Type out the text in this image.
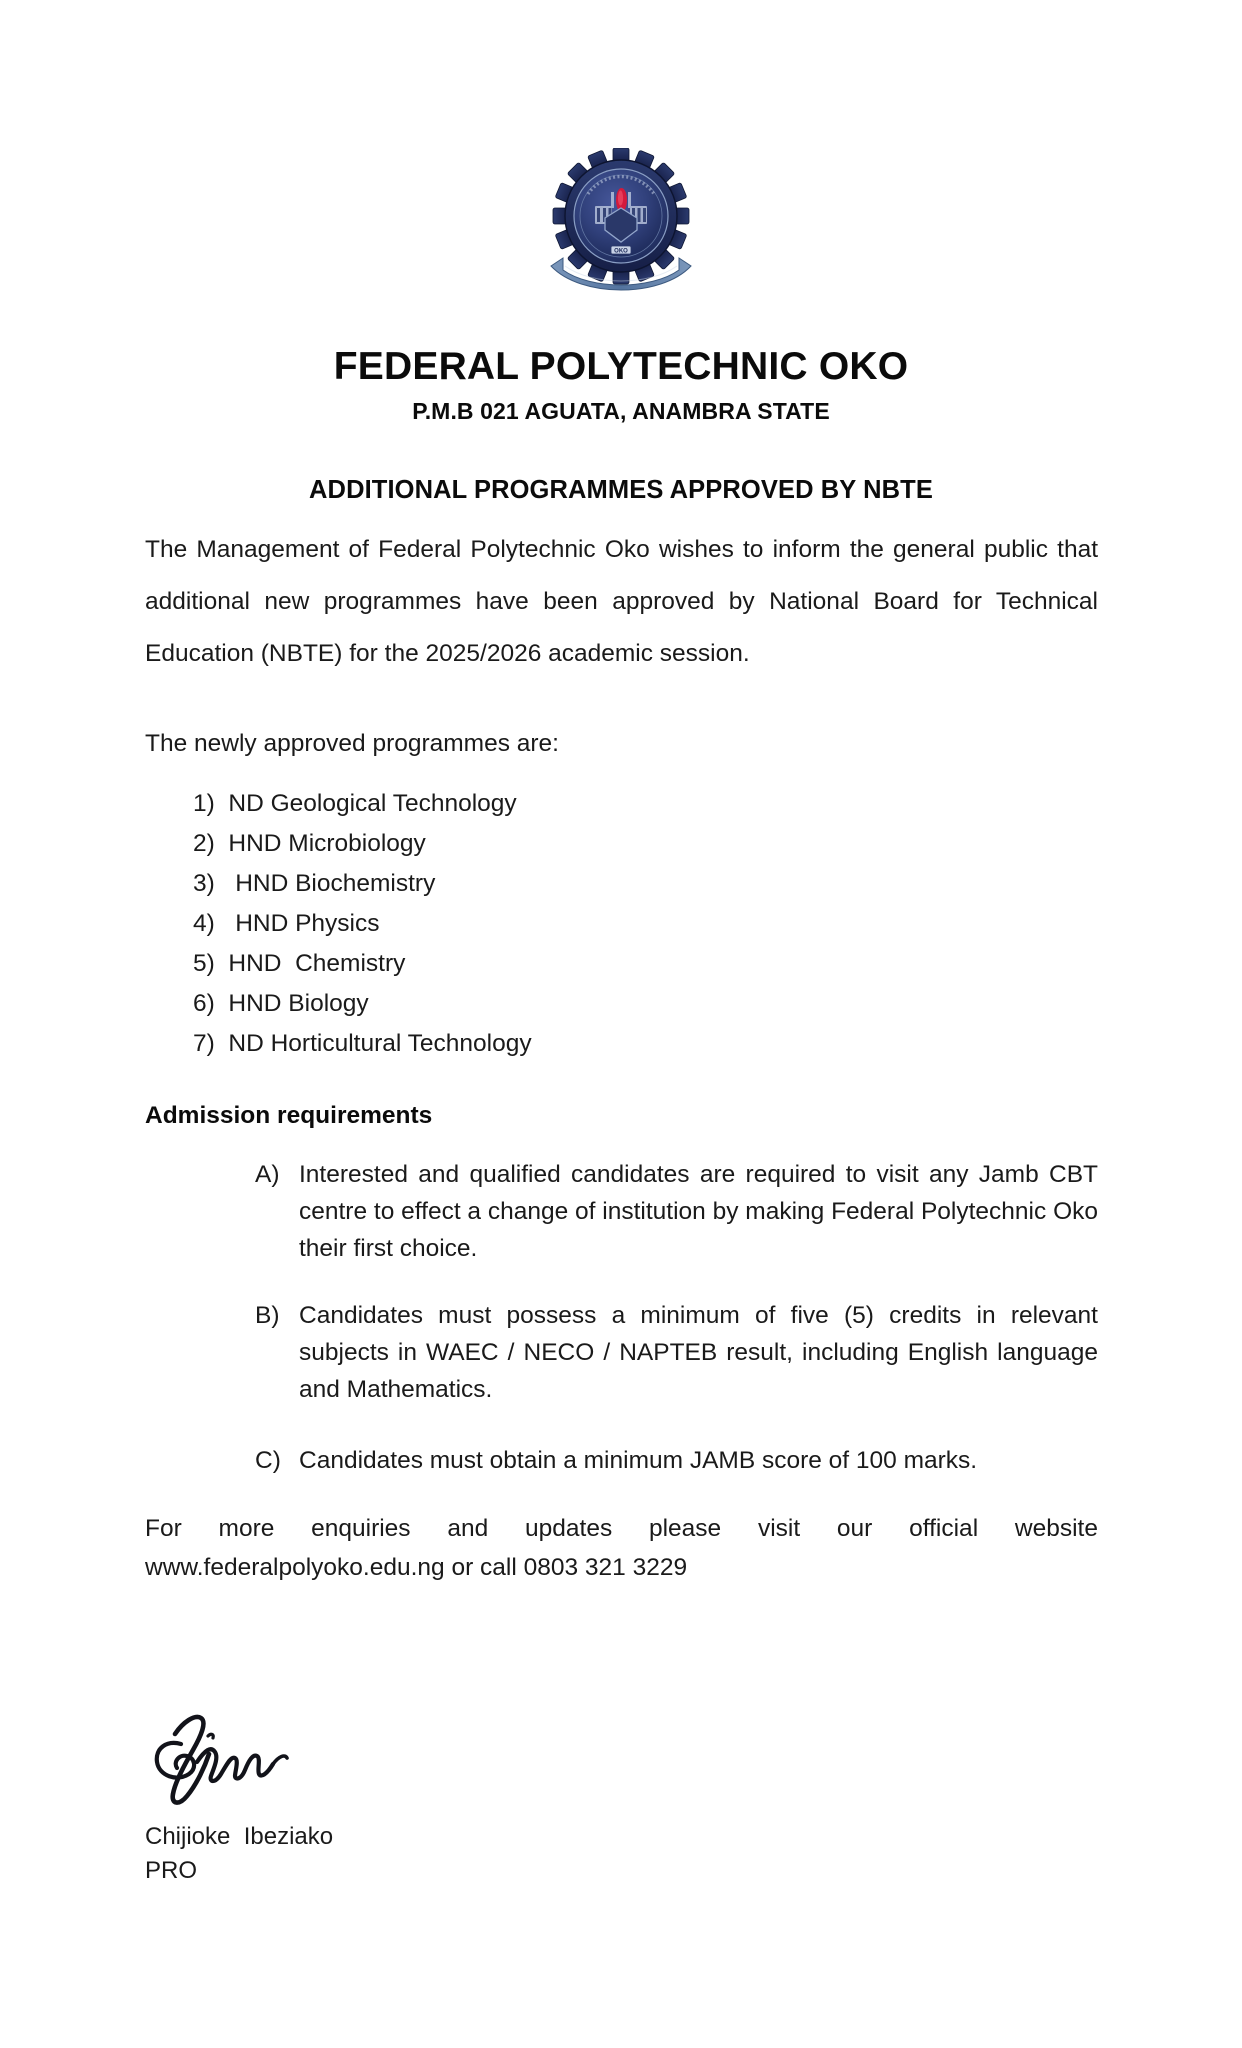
OKO
FEDERAL POLYTECHNIC OKO
P.M.B 021 AGUATA, ANAMBRA STATE
ADDITIONAL PROGRAMMES APPROVED BY NBTE

The Management of Federal Polytechnic Oko wishes to inform the general public that additional new programmes have been approved by National Board for Technical Education (NBTE) for the 2025/2026 academic session.

The newly approved programmes are:

1)  ND Geological Technology
2)  HND Microbiology
3)   HND Biochemistry
4)   HND Physics
5)  HND  Chemistry
6)  HND Biology
7)  ND Horticultural Technology

Admission requirements

A) Interested and qualified candidates are required to visit any Jamb CBT centre to effect a change of institution by making Federal Polytechnic Oko their first choice.
B) Candidates must possess a minimum of five (5) credits in relevant subjects in WAEC / NECO / NAPTEB result, including English language and Mathematics.
C) Candidates must obtain a minimum JAMB score of 100 marks.

For more enquiries and updates please visit our official website www.federalpolyoko.edu.ng or call 0803 321 3229

Chijioke  Ibeziako

PRO
